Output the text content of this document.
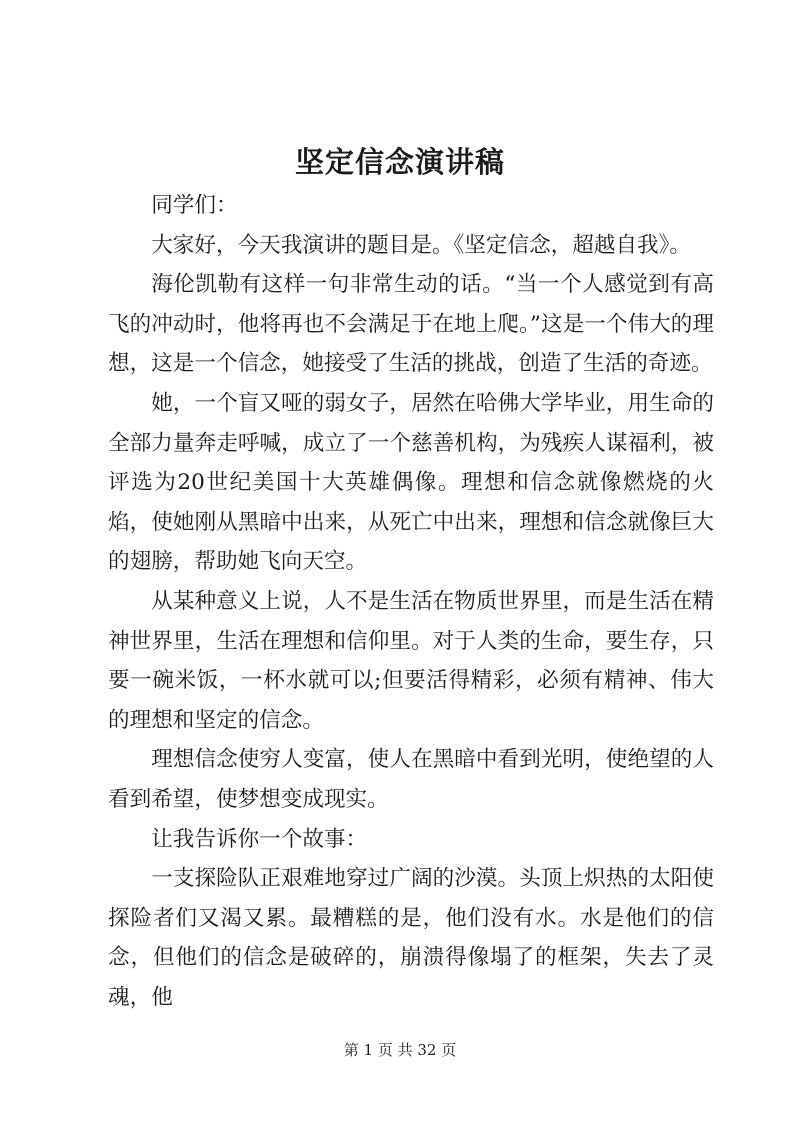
坚定信念演讲稿

同学们：

大家好，今天我演讲的题目是。《坚定信念，超越自我》。

海伦凯勒有这样一句非常生动的话。“当一个人感觉到有高飞的冲动时，他将再也不会满足于在地上爬。”这是一个伟大的理想，这是一个信念，她接受了生活的挑战，创造了生活的奇迹。

她，一个盲又哑的弱女子，居然在哈佛大学毕业，用生命的全部力量奔走呼喊，成立了一个慈善机构，为残疾人谋福利，被评选为20世纪美国十大英雄偶像。理想和信念就像燃烧的火焰，使她刚从黑暗中出来，从死亡中出来，理想和信念就像巨大的翅膀，帮助她飞向天空。

从某种意义上说，人不是生活在物质世界里，而是生活在精神世界里，生活在理想和信仰里。对于人类的生命，要生存，只要一碗米饭，一杯水就可以;但要活得精彩，必须有精神、伟大的理想和坚定的信念。

理想信念使穷人变富，使人在黑暗中看到光明，使绝望的人看到希望，使梦想变成现实。

让我告诉你一个故事：

一支探险队正艰难地穿过广阔的沙漠。头顶上炽热的太阳使探险者们又渴又累。最糟糕的是，他们没有水。水是他们的信念，但他们的信念是破碎的，崩溃得像塌了的框架，失去了灵魂，他

第 1 页 共 32 页
